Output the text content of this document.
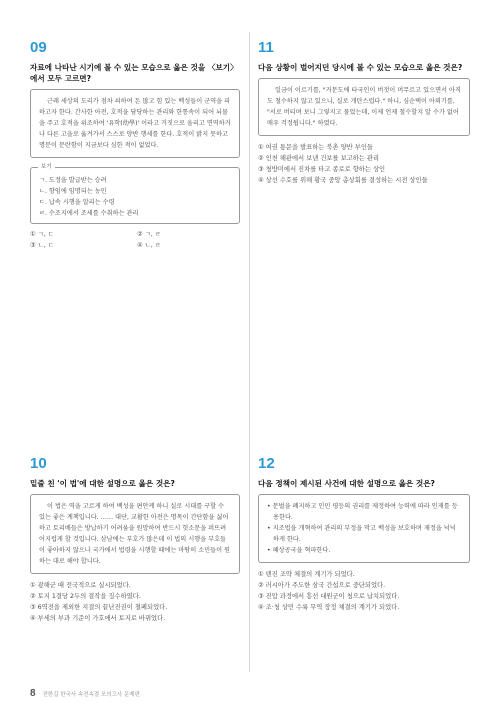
09
자료에 나타난 시기에 볼 수 있는 모습으로 옳은 것을 〈보기〉에서 모두 고르면?

근래 세상의 도리가 점차 쇠하여 돈 많고 힘 있는 백성들이 군역을 피하고자 한다. 간사한 아전, 호적을 담당하는 관리와 한통속이 되어 뇌물을 주고 호적을 위조하여 '유학(幼學)' 이라고 거짓으로 올리고 면역하거나 다른 고을로 옮겨가서 스스로 양반 행세를 한다. 호적이 밝지 못하고 명분이 문란함이 지금보다 심한 적이 없었다.

보기
ㄱ. 도정을 발급받는 승려
ㄴ. 향임에 임명되는 농민
ㄷ. 납속 시행을 알리는 수령
ㄹ. 수조지에서 조세를 수취하는 관리
① ㄱ, ㄷ	② ㄱ, ㄹ
③ ㄴ, ㄷ	④ ㄴ, ㄹ
11
다음 상황이 벌어지던 당시에 볼 수 있는 모습으로 옳은 것은?

일금이 이르기를, "거문도에 타국인이 버젓이 머무르고 있으면서 아직도 철수하지 않고 있으니, 실로 개탄스럽다." 하니, 심순택이 아뢰기를, "서로 버티며 보니 그렇지고 물었는데, 이제 언제 철수할지 알 수가 없어 매우 걱정됩니다." 하였다.

① 여권 통문을 발표하는 북촌 양반 부인들
② 인천 해관에서 보낸 건보를 보고하는 관리
③ 청방미에서 진차를 타고 종로로 향하는 상인
④ 상선 수호를 위해 황국 중앙 총상회를 결성하는 시전 상인들
10
밑줄 친 '이 법'에 대한 설명으로 옳은 것은?

이 법은 역을 고르게 하여 백성을 편안케 하니 실로 시대를 구할 수 있는 좋은 계책입니다. …… 대단, 교활한 아전은 명목이 간단함을 싫어하고 토리배들은 방납하기 어려움을 원망하여 반드시 헛소문을 퍼뜨려 어지럽게 할 것입니다. 삼남에는 부호가 많은데 이 법의 시행을 부호들이 좋아하지 않으나 국가에서 법령을 시행할 때에는 마땅히 소민들이 원하는 대로 해야 합니다.

① 광해군 때 전국적으로 실시되었다.
② 토지 1결당 2두의 결작을 징수하였다.
③ 6역전을 제외한 지결의 끝난진권이 철폐되었다.
④ 부세의 부과 기준이 가호에서 토지로 바뀌었다.
12
다음 정책이 제시된 사건에 대한 설명으로 옳은 것은?
• 문벌을 폐지하고 인민 평등의 권리를 제정하여 능력에 따라 인재를 등용한다.
• 지조법을 개혁하여 관리의 부정을 막고 백성을 보호하며 재정을 넉넉하게 한다.
• 혜상공국을 혁파한다.
① 텐진 조약 체결의 계기가 되었다.
② 러시아가 주도한 삼국 간섭으로 중단되었다.
③ 진압 과정에서 흥선 대원군이 청으로 납치되었다.
④ 조·청 상민 수륙 무역 장정 체결의 계기가 되었다.
8 전한길 한국사 속전속결 모의고사 문제편
